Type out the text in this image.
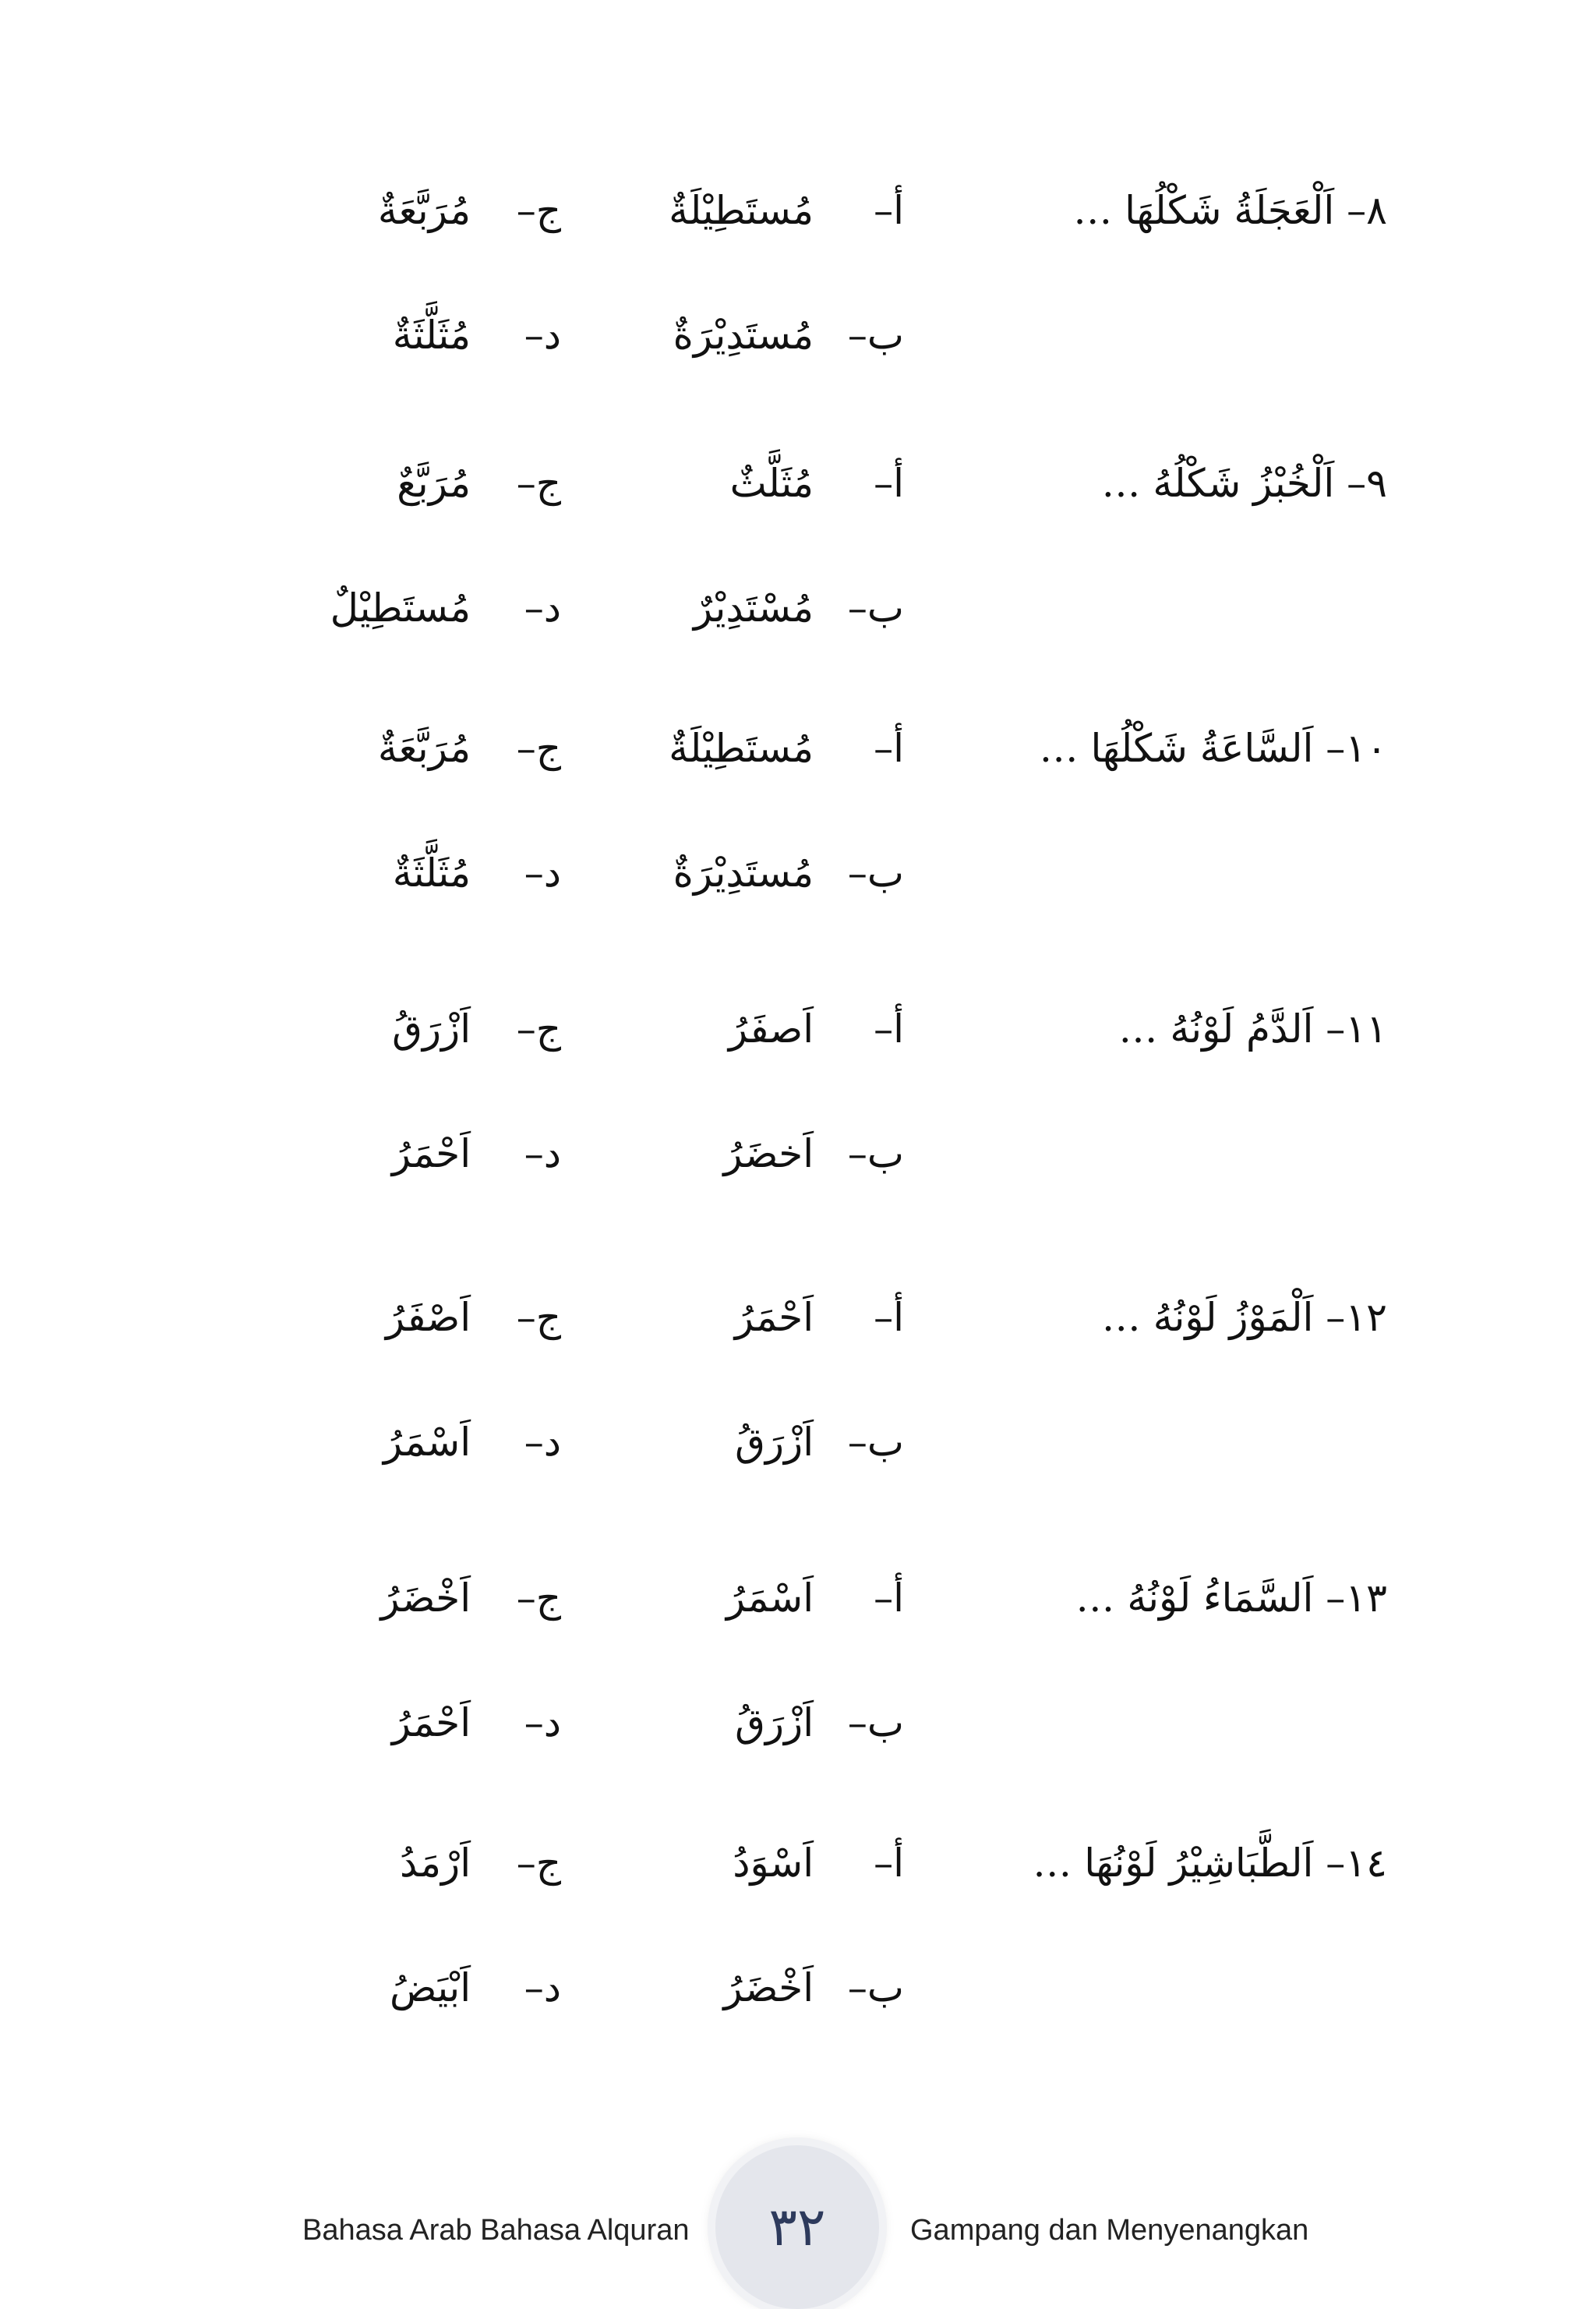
٨– اَلْعَجَلَةُ شَكْلُهَا …
أ– مُستَطِيْلَةٌ
ب– مُستَدِيْرَةٌ
ج– مُرَبَّعَةٌ
د– مُثَلَّثَةٌ
٩– اَلْخُبْزُ شَكْلُهُ …
أ– مُثَلَّثٌ
ب– مُسْتَدِيْرٌ
ج– مُرَبَّعٌ
د– مُستَطِيْلٌ
١٠– اَلسَّاعَةُ شَكْلُهَا …
أ– مُستَطِيْلَةٌ
ب– مُستَدِيْرَةٌ
ج– مُرَبَّعَةٌ
د– مُثَلَّثَةٌ
١١– اَلدَّمُ لَوْنُهُ …
أ– اَصفَرُ
ب– اَخضَرُ
ج– اَزْرَقُ
د– اَحْمَرُ
١٢– اَلْمَوْزُ لَوْنُهُ …
أ– اَحْمَرُ
ب– اَزْرَقُ
ج– اَصْفَرُ
د– اَسْمَرُ
١٣– اَلسَّمَاءُ لَوْنُهُ …
أ– اَسْمَرُ
ب– اَزْرَقُ
ج– اَخْضَرُ
د– اَحْمَرُ
١٤– اَلطَّبَاشِيْرُ لَوْنُهَا …
أ– اَسْوَدُ
ب– اَخْضَرُ
ج– اَرْمَدُ
د– اَبْيَضُ
Bahasa Arab Bahasa Alquran ٣٢	Gampang dan Menyenangkan
